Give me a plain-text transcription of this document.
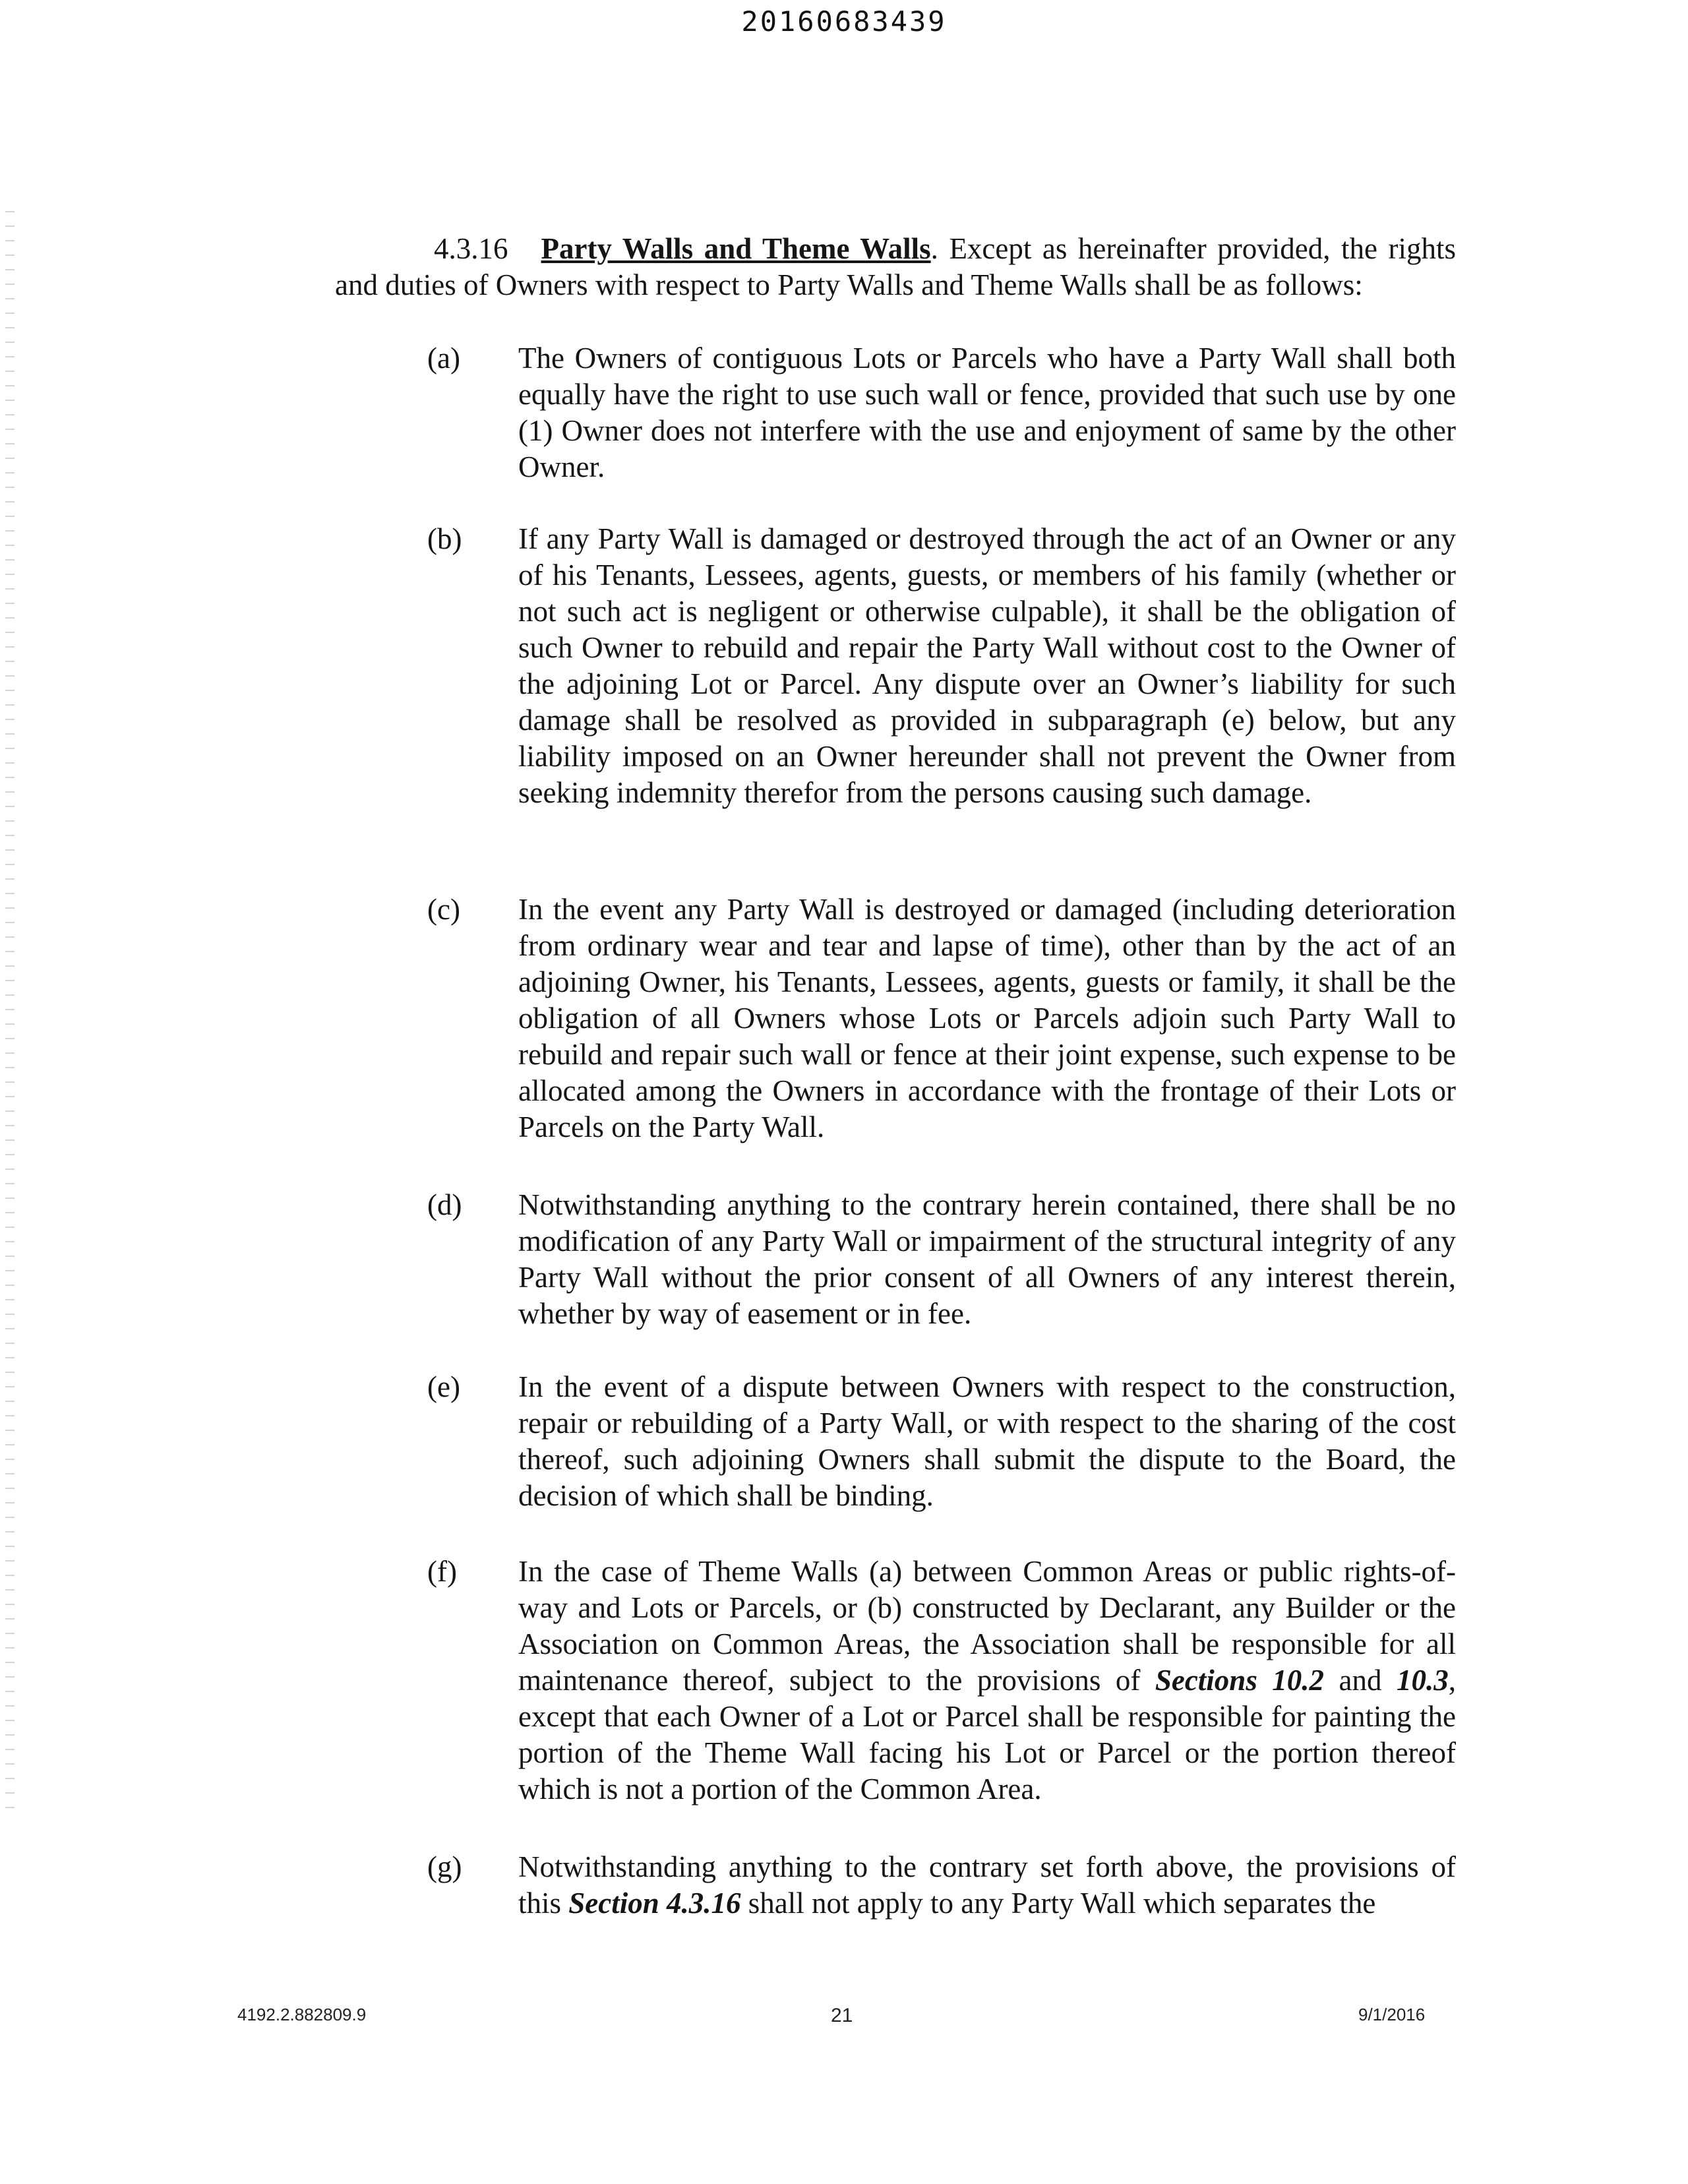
20160683439

4.3.16 Party Walls and Theme Walls. Except as hereinafter provided, the rights and duties of Owners with respect to Party Walls and Theme Walls shall be as follows:

(a) The Owners of contiguous Lots or Parcels who have a Party Wall shall both equally have the right to use such wall or fence, provided that such use by one (1) Owner does not interfere with the use and enjoyment of same by the other Owner.

(b) If any Party Wall is damaged or destroyed through the act of an Owner or any of his Tenants, Lessees, agents, guests, or members of his family (whether or not such act is negligent or otherwise culpable), it shall be the obligation of such Owner to rebuild and repair the Party Wall without cost to the Owner of the adjoining Lot or Parcel. Any dispute over an Owner’s liability for such damage shall be resolved as provided in subparagraph (e) below, but any liability imposed on an Owner hereunder shall not prevent the Owner from seeking indemnity therefor from the persons causing such damage.

(c) In the event any Party Wall is destroyed or damaged (including deterioration from ordinary wear and tear and lapse of time), other than by the act of an adjoining Owner, his Tenants, Lessees, agents, guests or family, it shall be the obligation of all Owners whose Lots or Parcels adjoin such Party Wall to rebuild and repair such wall or fence at their joint expense, such expense to be allocated among the Owners in accordance with the frontage of their Lots or Parcels on the Party Wall.

(d) Notwithstanding anything to the contrary herein contained, there shall be no modification of any Party Wall or impairment of the structural integrity of any Party Wall without the prior consent of all Owners of any interest therein, whether by way of easement or in fee.

(e) In the event of a dispute between Owners with respect to the construction, repair or rebuilding of a Party Wall, or with respect to the sharing of the cost thereof, such adjoining Owners shall submit the dispute to the Board, the decision of which shall be binding.

(f) In the case of Theme Walls (a) between Common Areas or public rights-of-way and Lots or Parcels, or (b) constructed by Declarant, any Builder or the Association on Common Areas, the Association shall be responsible for all maintenance thereof, subject to the provisions of Sections 10.2 and 10.3, except that each Owner of a Lot or Parcel shall be responsible for painting the portion of the Theme Wall facing his Lot or Parcel or the portion thereof which is not a portion of the Common Area.

(g) Notwithstanding anything to the contrary set forth above, the provisions of this Section 4.3.16 shall not apply to any Party Wall which separates the

4192.2.882809.9	21	9/1/2016
